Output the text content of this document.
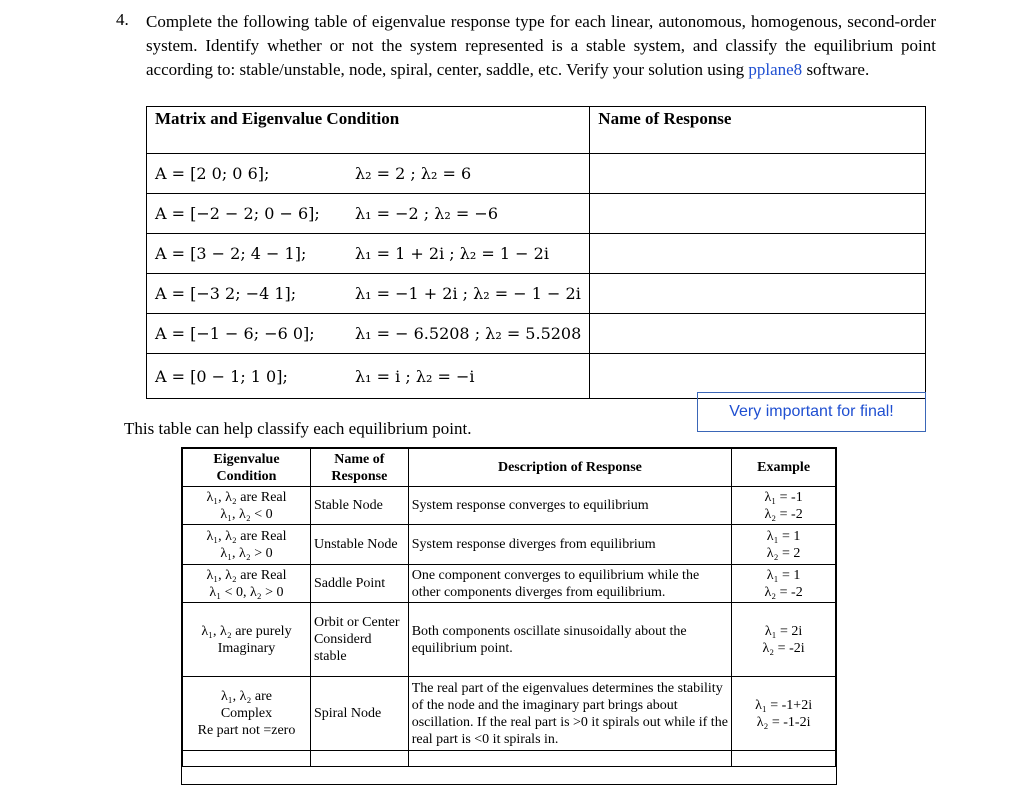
4. Complete the following table of eigenvalue response type for each linear, autonomous, homogenous, second-order system. Identify whether or not the system represented is a stable system, and classify the equilibrium point according to: stable/unstable, node, spiral, center, saddle, etc. Verify your solution using pplane8 software.
Matrix and Eigenvalue Condition	Name of Response

A = [2 0; 0 6]; λ₂ = 2 ; λ₂ = 6	

A = [−2 − 2; 0 − 6]; λ₁ = −2 ; λ₂ = −6	

A = [3 − 2; 4 − 1]; λ₁ = 1 + 2i ; λ₂ = 1 − 2i	

A = [−3 2; −4 1]; λ₁ = −1 + 2i ; λ₂ = − 1 − 2i	

A = [−1 − 6; −6 0]; λ₁ = − 6.5208 ; λ₂ = 5.5208	

A = [0 − 1; 1 0]; λ₁ = i ; λ₂ = −i	

Very important for final!
This table can help classify each equilibrium point.
Eigenvalue
Condition	Name of
Response	Description of Response	Example
λ₁, λ₂ are Real
λ₁, λ₂ < 0	Stable Node	System response converges to equilibrium	λ₁ = -1
λ₂ = -2
λ₁, λ₂ are Real
λ₁, λ₂ > 0	Unstable Node	System response diverges from equilibrium	λ₁ = 1
λ₂ = 2
λ₁, λ₂ are Real
λ₁ < 0, λ₂ > 0	Saddle Point	One component converges to equilibrium while the other components diverges from equilibrium.	λ₁ = 1
λ₂ = -2
λ₁, λ₂ are purely
Imaginary	Orbit or Center Considerd stable	Both components oscillate sinusoidally about the equilibrium point.	λ₁ = 2i
λ₂ = -2i
λ₁, λ₂ are
Complex
Re part not =zero	Spiral Node	The real part of the eigenvalues determines the stability of the node and the imaginary part brings about oscillation. If the real part is >0 it spirals out while if the real part is <0 it spirals in.	λ₁ = -1+2i
λ₂ = -1-2i
